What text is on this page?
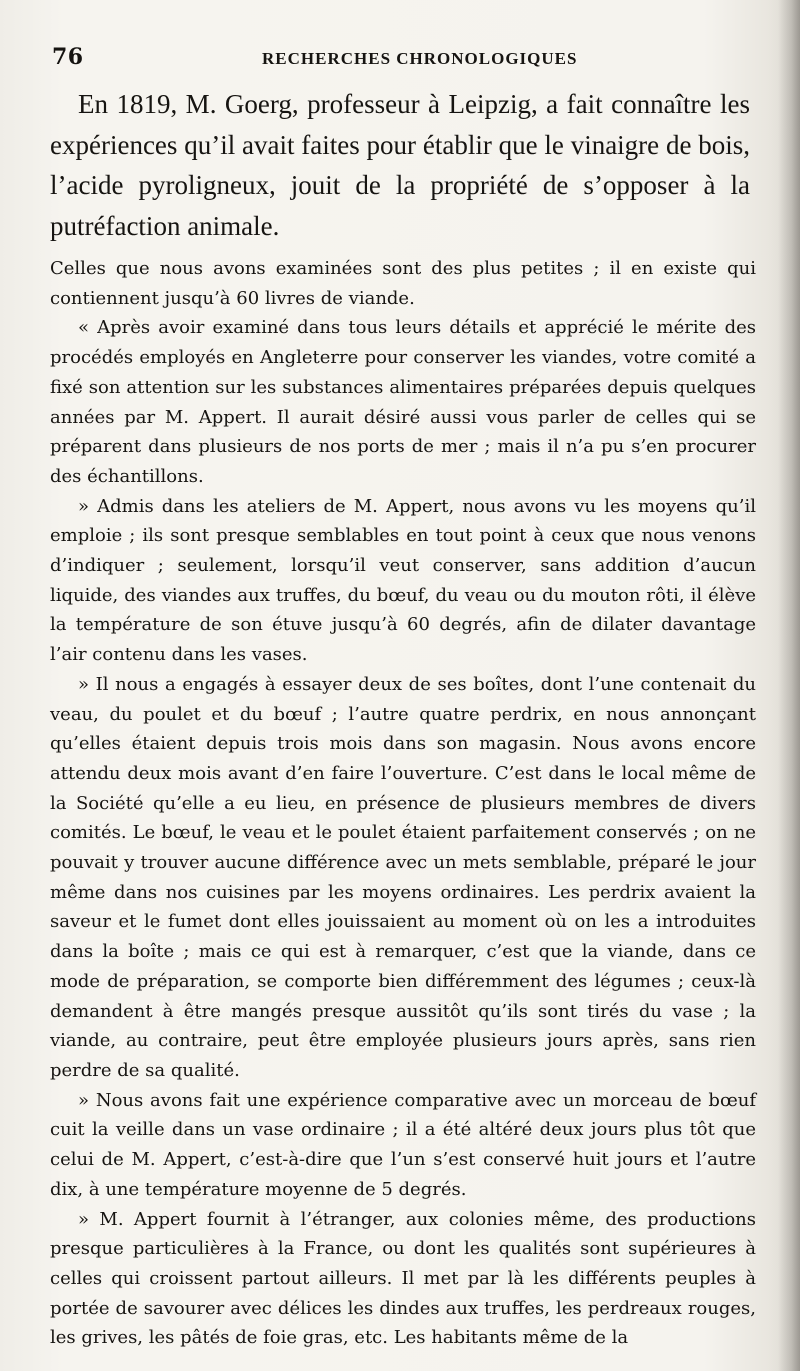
76	RECHERCHES CHRONOLOGIQUES

En 1819, M. Goerg, professeur à Leipzig, a fait connaître les expériences qu’il avait faites pour établir que le vinaigre de bois, l’acide pyroligneux, jouit de la propriété de s’opposer à la putréfaction animale.

Celles que nous avons examinées sont des plus petites ; il en existe qui contiennent jusqu’à 60 livres de viande.

« Après avoir examiné dans tous leurs détails et apprécié le mérite des procédés employés en Angleterre pour conserver les viandes, votre comité a fixé son attention sur les substances alimentaires préparées depuis quelques années par M. Appert. Il aurait désiré aussi vous parler de celles qui se préparent dans plusieurs de nos ports de mer ; mais il n’a pu s’en procurer des échantillons.

» Admis dans les ateliers de M. Appert, nous avons vu les moyens qu’il emploie ; ils sont presque semblables en tout point à ceux que nous venons d’indiquer ; seulement, lorsqu’il veut conserver, sans addition d’aucun liquide, des viandes aux truffes, du bœuf, du veau ou du mouton rôti, il élève la température de son étuve jusqu’à 60 degrés, afin de dilater davantage l’air contenu dans les vases.

» Il nous a engagés à essayer deux de ses boîtes, dont l’une contenait du veau, du poulet et du bœuf ; l’autre quatre perdrix, en nous annonçant qu’elles étaient depuis trois mois dans son magasin. Nous avons encore attendu deux mois avant d’en faire l’ouverture. C’est dans le local même de la Société qu’elle a eu lieu, en présence de plusieurs membres de divers comités. Le bœuf, le veau et le poulet étaient parfaitement conservés ; on ne pouvait y trouver aucune différence avec un mets semblable, préparé le jour même dans nos cuisines par les moyens ordinaires. Les perdrix avaient la saveur et le fumet dont elles jouissaient au moment où on les a introduites dans la boîte ; mais ce qui est à remarquer, c’est que la viande, dans ce mode de préparation, se comporte bien différemment des légumes ; ceux-là demandent à être mangés presque aussitôt qu’ils sont tirés du vase ; la viande, au contraire, peut être employée plusieurs jours après, sans rien perdre de sa qualité.

» Nous avons fait une expérience comparative avec un morceau de bœuf cuit la veille dans un vase ordinaire ; il a été altéré deux jours plus tôt que celui de M. Appert, c’est-à-dire que l’un s’est conservé huit jours et l’autre dix, à une température moyenne de 5 degrés.

» M. Appert fournit à l’étranger, aux colonies même, des productions presque particulières à la France, ou dont les qualités sont supérieures à celles qui croissent partout ailleurs. Il met par là les différents peuples à portée de savourer avec délices les dindes aux truffes, les perdreaux rouges, les grives, les pâtés de foie gras, etc. Les habitants même de la
